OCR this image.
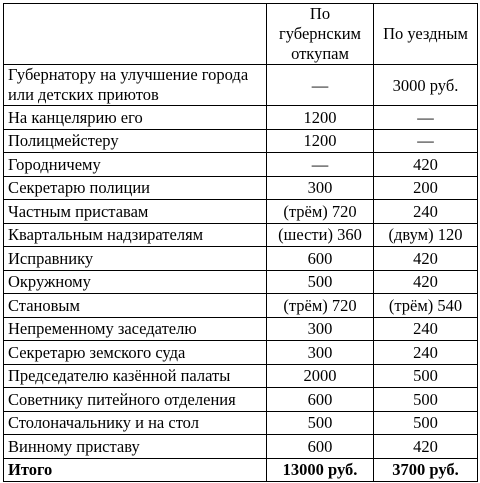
	По губернским откупам	По уездным
Губернатору на улучшение города или детских приютов	—	3000 руб.
На канцелярию его	1200	—
Полицмейстеру	1200	—
Городничему	—	420
Секретарю полиции	300	200
Частным приставам	(трём) 720	240
Квартальным надзирателям	(шести) 360	(двум) 120
Исправнику	600	420
Окружному	500	420
Становым	(трём) 720	(трём) 540
Непременному заседателю	300	240
Секретарю земского суда	300	240
Председателю казённой палаты	2000	500
Советнику питейного отделения	600	500
Столоначальнику и на стол	500	500
Винному приставу	600	420
Итого	13000 руб.	3700 руб.
